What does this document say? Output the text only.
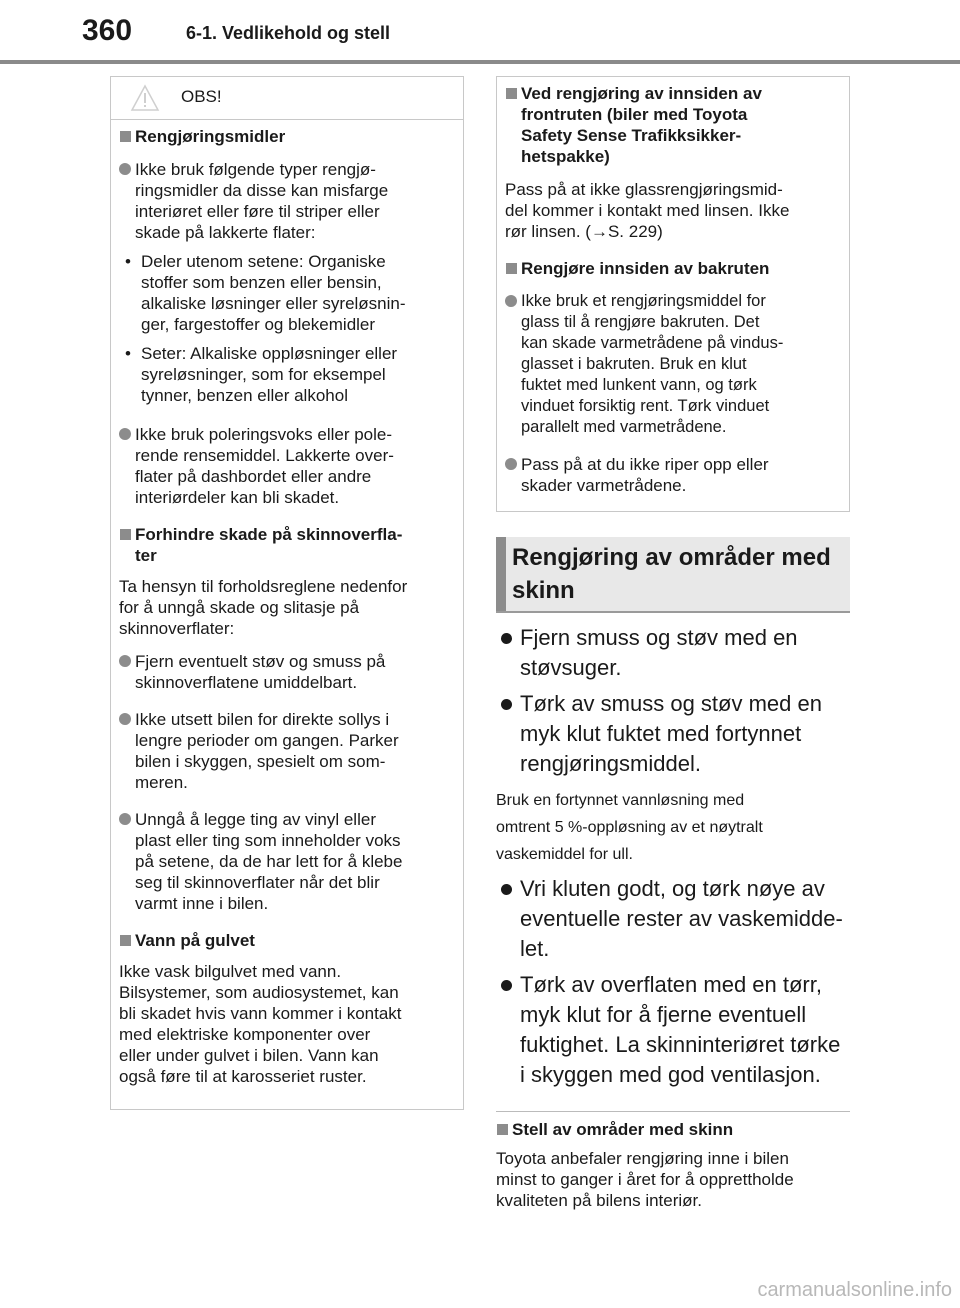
360	6-1. Vedlikehold og stell
OBS!
Rengjøringsmidler
Ikke bruk følgende typer rengjø-
ringsmidler da disse kan misfarge
interiøret eller føre til striper eller
skade på lakkerte flater:
• Deler utenom setene: Organiske
stoffer som benzen eller bensin,
alkaliske løsninger eller syreløsnin-
ger, fargestoffer og blekemidler
• Seter: Alkaliske oppløsninger eller
syreløsninger, som for eksempel
tynner, benzen eller alkohol
Ikke bruk poleringsvoks eller pole-
rende rensemiddel. Lakkerte over-
flater på dashbordet eller andre
interiørdeler kan bli skadet.
Forhindre skade på skinnoverfla-
ter

Ta hensyn til forholdsreglene nedenfor
for å unngå skade og slitasje på
skinnoverflater:

Fjern eventuelt støv og smuss på
skinnoverflatene umiddelbart.
Ikke utsett bilen for direkte sollys i
lengre perioder om gangen. Parker
bilen i skyggen, spesielt om som-
meren.
Unngå å legge ting av vinyl eller
plast eller ting som inneholder voks
på setene, da de har lett for å klebe
seg til skinnoverflater når det blir
varmt inne i bilen.
Vann på gulvet

Ikke vask bilgulvet med vann.
Bilsystemer, som audiosystemet, kan
bli skadet hvis vann kommer i kontakt
med elektriske komponenter over
eller under gulvet i bilen. Vann kan
også føre til at karosseriet ruster.

Ved rengjøring av innsiden av
frontruten (biler med Toyota
Safety Sense Trafikksikker-
hetspakke)

Pass på at ikke glassrengjøringsmid-
del kommer i kontakt med linsen. Ikke
rør linsen. (→S. 229)

Rengjøre innsiden av bakruten
Ikke bruk et rengjøringsmiddel for
glass til å rengjøre bakruten. Det
kan skade varmetrådene på vindus-
glasset i bakruten. Bruk en klut
fuktet med lunkent vann, og tørk
vinduet forsiktig rent. Tørk vinduet
parallelt med varmetrådene.
Pass på at du ikke riper opp eller
skader varmetrådene.
Rengjøring av områder med
skinn
Fjern smuss og støv med en
støvsuger.
Tørk av smuss og støv med en
myk klut fuktet med fortynnet
rengjøringsmiddel.
Bruk en fortynnet vannløsning med
omtrent 5 %-oppløsning av et nøytralt
vaskemiddel for ull.
Vri kluten godt, og tørk nøye av
eventuelle rester av vaskemidde-
let.
Tørk av overflaten med en tørr,
myk klut for å fjerne eventuell
fuktighet. La skinninteriøret tørke
i skyggen med god ventilasjon.
Stell av områder med skinn

Toyota anbefaler rengjøring inne i bilen
minst to ganger i året for å opprettholde
kvaliteten på bilens interiør.

carmanualsonline.info
